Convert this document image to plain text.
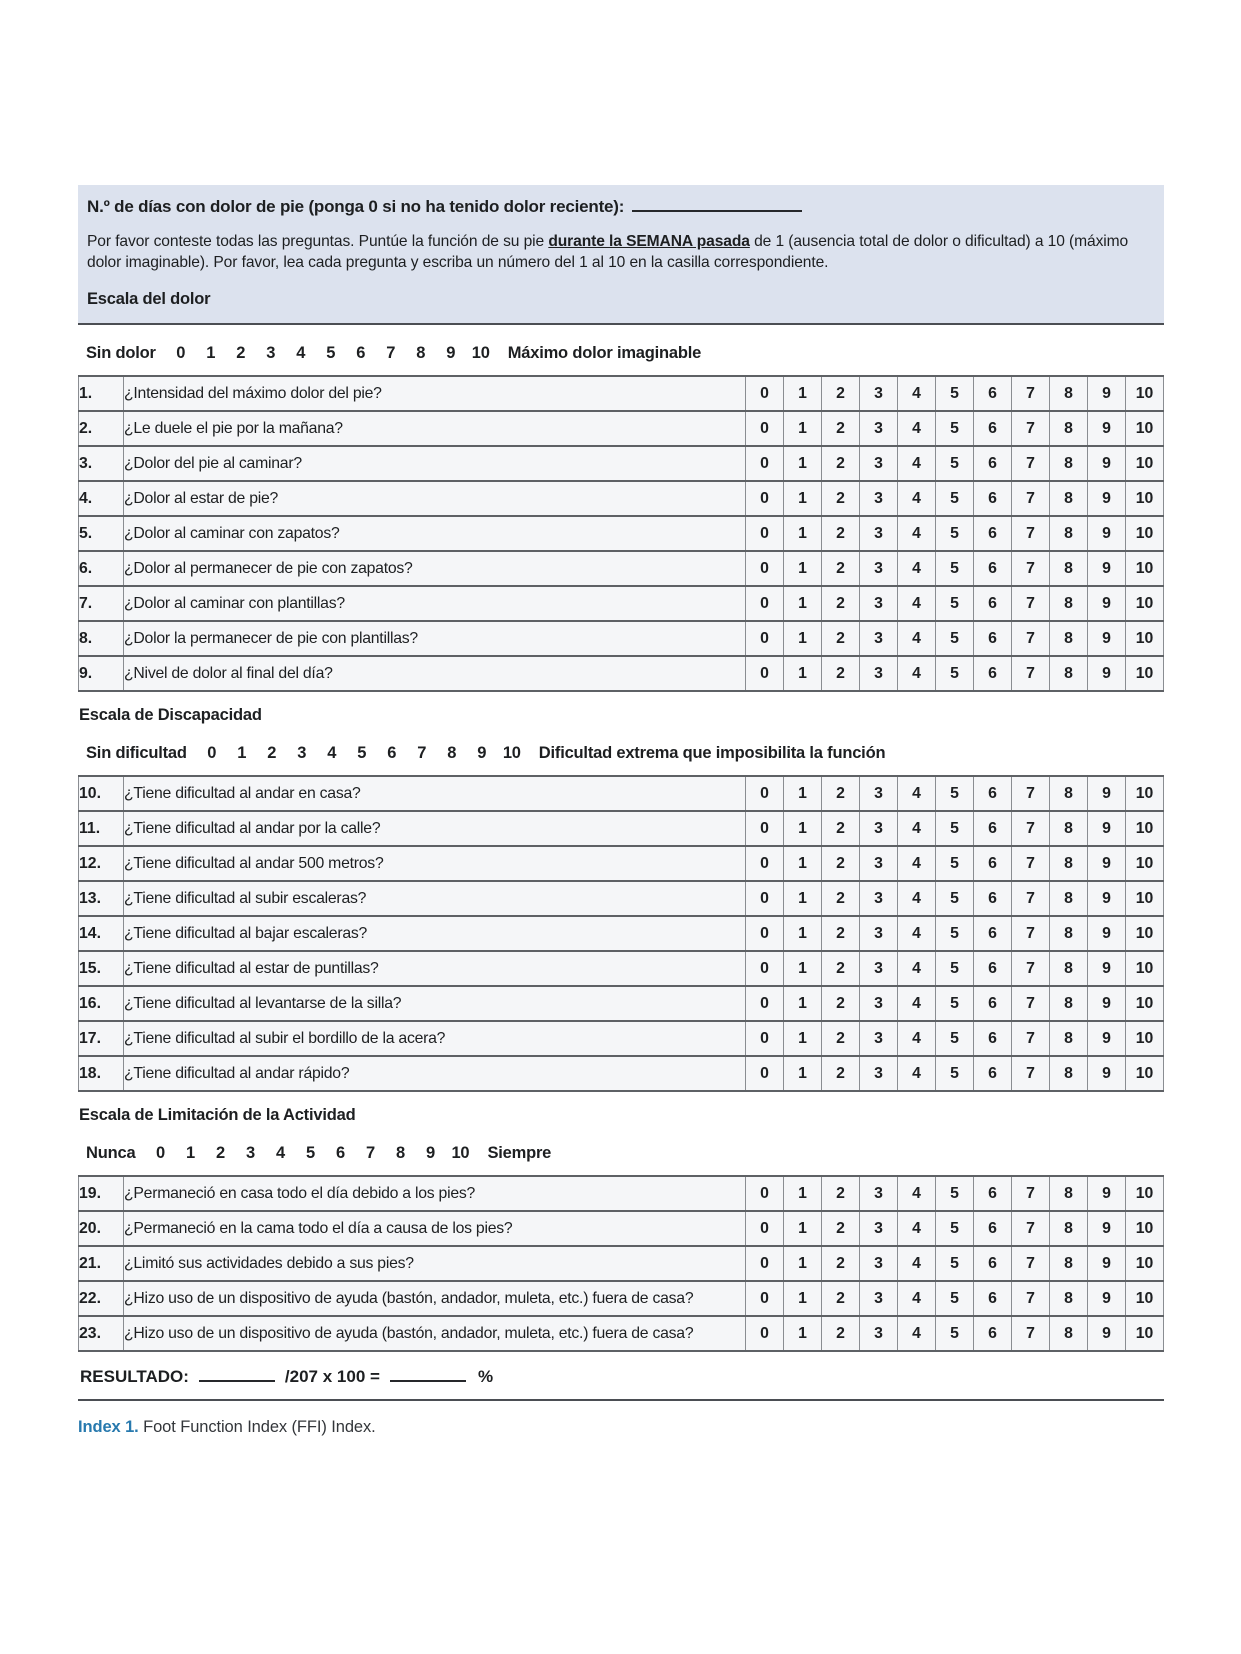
N.º de días con dolor de pie (ponga 0 si no ha tenido dolor reciente):

Por favor conteste todas las preguntas. Puntúe la función de su pie durante la SEMANA pasada de 1 (ausencia total de dolor o dificultad) a 10 (máximo dolor imaginable). Por favor, lea cada pregunta y escriba un número del 1 al 10 en la casilla correspondiente.

Escala del dolor
Sin dolor 0 1 2 3 4 5 6 7 8 9 10 Máximo dolor imaginable
1.	¿Intensidad del máximo dolor del pie?	0	1	2	3	4	5	6	7	8	9	10
2.	¿Le duele el pie por la mañana?	0	1	2	3	4	5	6	7	8	9	10
3.	¿Dolor del pie al caminar?	0	1	2	3	4	5	6	7	8	9	10
4.	¿Dolor al estar de pie?	0	1	2	3	4	5	6	7	8	9	10
5.	¿Dolor al caminar con zapatos?	0	1	2	3	4	5	6	7	8	9	10
6.	¿Dolor al permanecer de pie con zapatos?	0	1	2	3	4	5	6	7	8	9	10
7.	¿Dolor al caminar con plantillas?	0	1	2	3	4	5	6	7	8	9	10
8.	¿Dolor la permanecer de pie con plantillas?	0	1	2	3	4	5	6	7	8	9	10
9.	¿Nivel de dolor al final del día?	0	1	2	3	4	5	6	7	8	9	10
Escala de Discapacidad
Sin dificultad 0 1 2 3 4 5 6 7 8 9 10 Dificultad extrema que imposibilita la función
10.	¿Tiene dificultad al andar en casa?	0	1	2	3	4	5	6	7	8	9	10
11.	¿Tiene dificultad al andar por la calle?	0	1	2	3	4	5	6	7	8	9	10
12.	¿Tiene dificultad al andar 500 metros?	0	1	2	3	4	5	6	7	8	9	10
13.	¿Tiene dificultad al subir escaleras?	0	1	2	3	4	5	6	7	8	9	10
14.	¿Tiene dificultad al bajar escaleras?	0	1	2	3	4	5	6	7	8	9	10
15.	¿Tiene dificultad al estar de puntillas?	0	1	2	3	4	5	6	7	8	9	10
16.	¿Tiene dificultad al levantarse de la silla?	0	1	2	3	4	5	6	7	8	9	10
17.	¿Tiene dificultad al subir el bordillo de la acera?	0	1	2	3	4	5	6	7	8	9	10
18.	¿Tiene dificultad al andar rápido?	0	1	2	3	4	5	6	7	8	9	10
Escala de Limitación de la Actividad
Nunca 0 1 2 3 4 5 6 7 8 9 10 Siempre
19.	¿Permaneció en casa todo el día debido a los pies?	0	1	2	3	4	5	6	7	8	9	10
20.	¿Permaneció en la cama todo el día a causa de los pies?	0	1	2	3	4	5	6	7	8	9	10
21.	¿Limitó sus actividades debido a sus pies?	0	1	2	3	4	5	6	7	8	9	10
22.	¿Hizo uso de un dispositivo de ayuda (bastón, andador, muleta, etc.) fuera de casa?	0	1	2	3	4	5	6	7	8	9	10
23.	¿Hizo uso de un dispositivo de ayuda (bastón, andador, muleta, etc.) fuera de casa?	0	1	2	3	4	5	6	7	8	9	10
RESULTADO:	/207 x 100 =	%
Index 1. Foot Function Index (FFI) Index.
